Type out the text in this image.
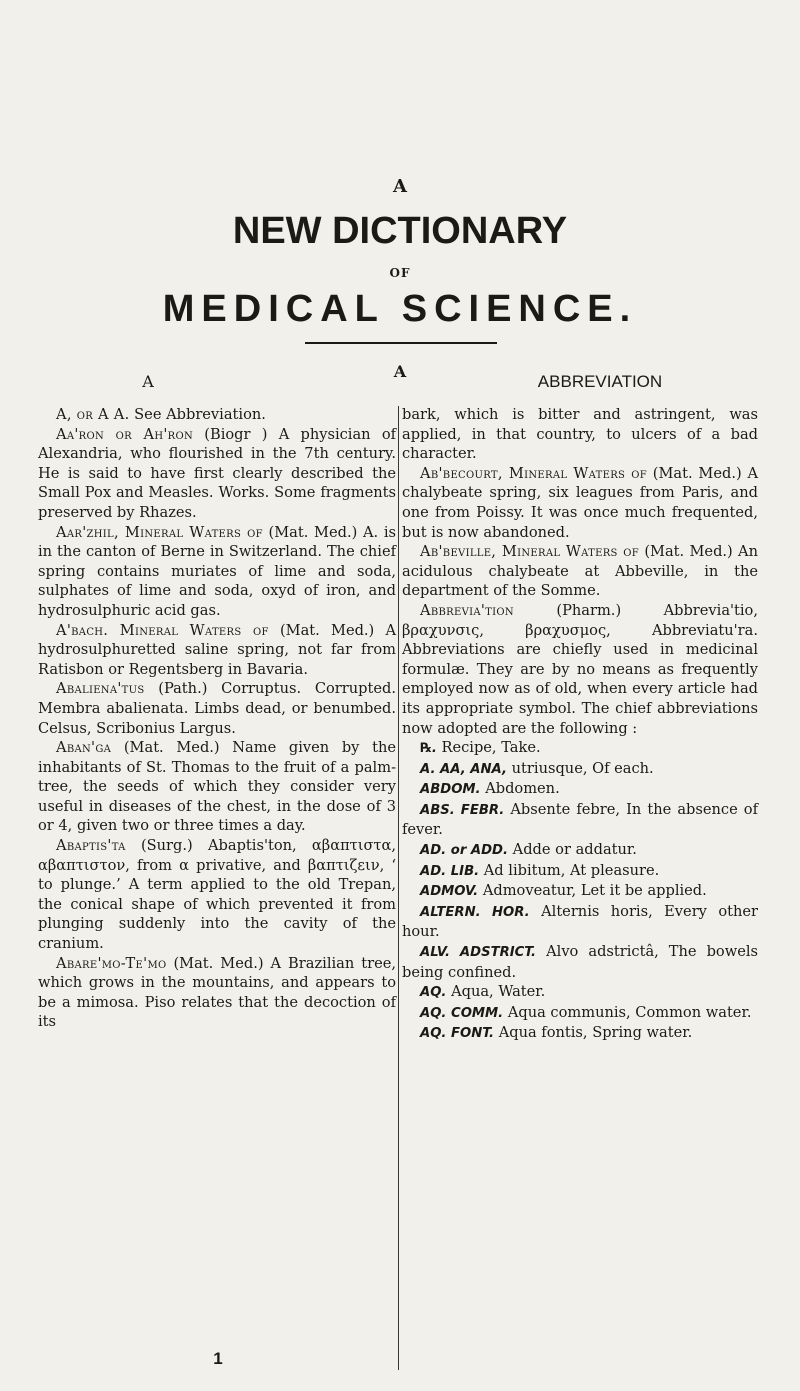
A
NEW DICTIONARY
OF
MEDICAL SCIENCE.
A
A	ABBREVIATION

A, or A A. See Abbreviation.

Aa'ron or Ah'ron (Biogr ) A physician of Alexandria, who flourished in the 7th century. He is said to have first clearly described the Small Pox and Measles. Works. Some fragments preserved by Rhazes.

Aar'zhil, Mineral Waters of (Mat. Med.) A. is in the canton of Berne in Switzerland. The chief spring contains muriates of lime and soda, sulphates of lime and soda, oxyd of iron, and hydrosulphuric acid gas.

A'bach. Mineral Waters of (Mat. Med.) A hydrosulphuretted saline spring, not far from Ratisbon or Regentsberg in Bavaria.

Abaliena'tus (Path.) Corruptus. Corrupted. Membra abalienata. Limbs dead, or benumbed. Celsus, Scribonius Largus.

Aban'ga (Mat. Med.) Name given by the inhabitants of St. Thomas to the fruit of a palm-tree, the seeds of which they consider very useful in diseases of the chest, in the dose of 3 or 4, given two or three times a day.

Abaptis'ta (Surg.) Abaptis'ton, αβαπτιστα, αβαπτιστον, from α privative, and βαπτιζειν, ‘ to plunge.’ A term applied to the old Trepan, the conical shape of which prevented it from plunging suddenly into the cavity of the cranium.

Abare'mo-Te'mo (Mat. Med.) A Brazilian tree, which grows in the mountains, and appears to be a mimosa. Piso relates that the decoction of its

bark, which is bitter and astringent, was applied, in that country, to ulcers of a bad character.

Ab'becourt, Mineral Waters of (Mat. Med.) A chalybeate spring, six leagues from Paris, and one from Poissy. It was once much frequented, but is now abandoned.

Ab'beville, Mineral Waters of (Mat. Med.) An acidulous chalybeate at Abbeville, in the department of the Somme.

Abbrevia'tion (Pharm.) Abbrevia'tio, βραχυνσις, βραχυσμος, Abbreviatu'ra. Abbreviations are chiefly used in medicinal formulæ. They are by no means as frequently employed now as of old, when every article had its appropriate symbol. The chief abbreviations now adopted are the following :

℞. Recipe, Take.

A. AA, ANA, utriusque, Of each.

ABDOM. Abdomen.

ABS. FEBR. Absente febre, In the absence of fever.

AD. or ADD. Adde or addatur.

AD. LIB. Ad libitum, At pleasure.

ADMOV. Admoveatur, Let it be applied.

ALTERN. HOR. Alternis horis, Every other hour.

ALV. ADSTRICT. Alvo adstrictâ, The bowels being confined.

AQ. Aqua, Water.

AQ. COMM. Aqua communis, Common water.

AQ. FONT. Aqua fontis, Spring water.

1
